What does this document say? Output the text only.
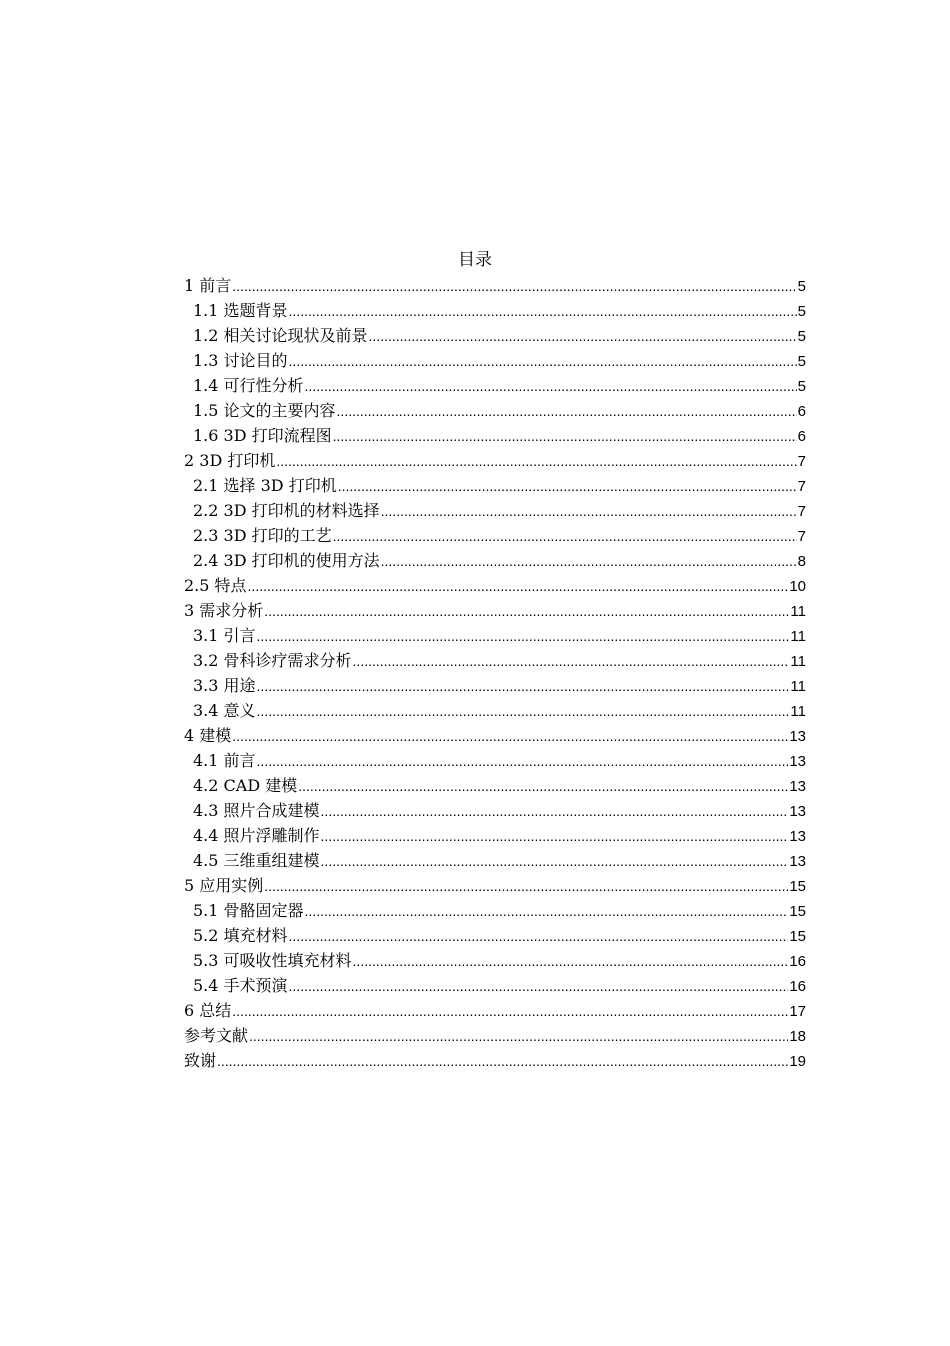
目录
1 前言 .....	5
1.1 选题背景 .....	5
1.2 相关讨论现状及前景 .....	5
1.3 讨论目的 .....	5
1.4 可行性分析 .....	5
1.5 论文的主要内容 .....	6
1.6 3D 打印流程图 .....	6
2 3D 打印机 .....	7
2.1 选择 3D 打印机 .....	7
2.2 3D 打印机的材料选择 .....	7
2.3 3D 打印的工艺 .....	7
2.4 3D 打印机的使用方法 .....	8
2.5 特点 .....	10
3 需求分析 .....	11
3.1 引言 .....	11
3.2 骨科诊疗需求分析 .....	11
3.3 用途 .....	11
3.4 意义 .....	11
4 建模 .....	13
4.1 前言 .....	13
4.2 CAD 建模 .....	13
4.3 照片合成建模 .....	13
4.4 照片浮雕制作 .....	13
4.5 三维重组建模 .....	13
5 应用实例 .....	15
5.1 骨骼固定器 .....	15
5.2 填充材料 .....	15
5.3 可吸收性填充材料 .....	16
5.4 手术预演 .....	16
6 总结 .....	17
参考文献 .....	18
致谢 .....	19
